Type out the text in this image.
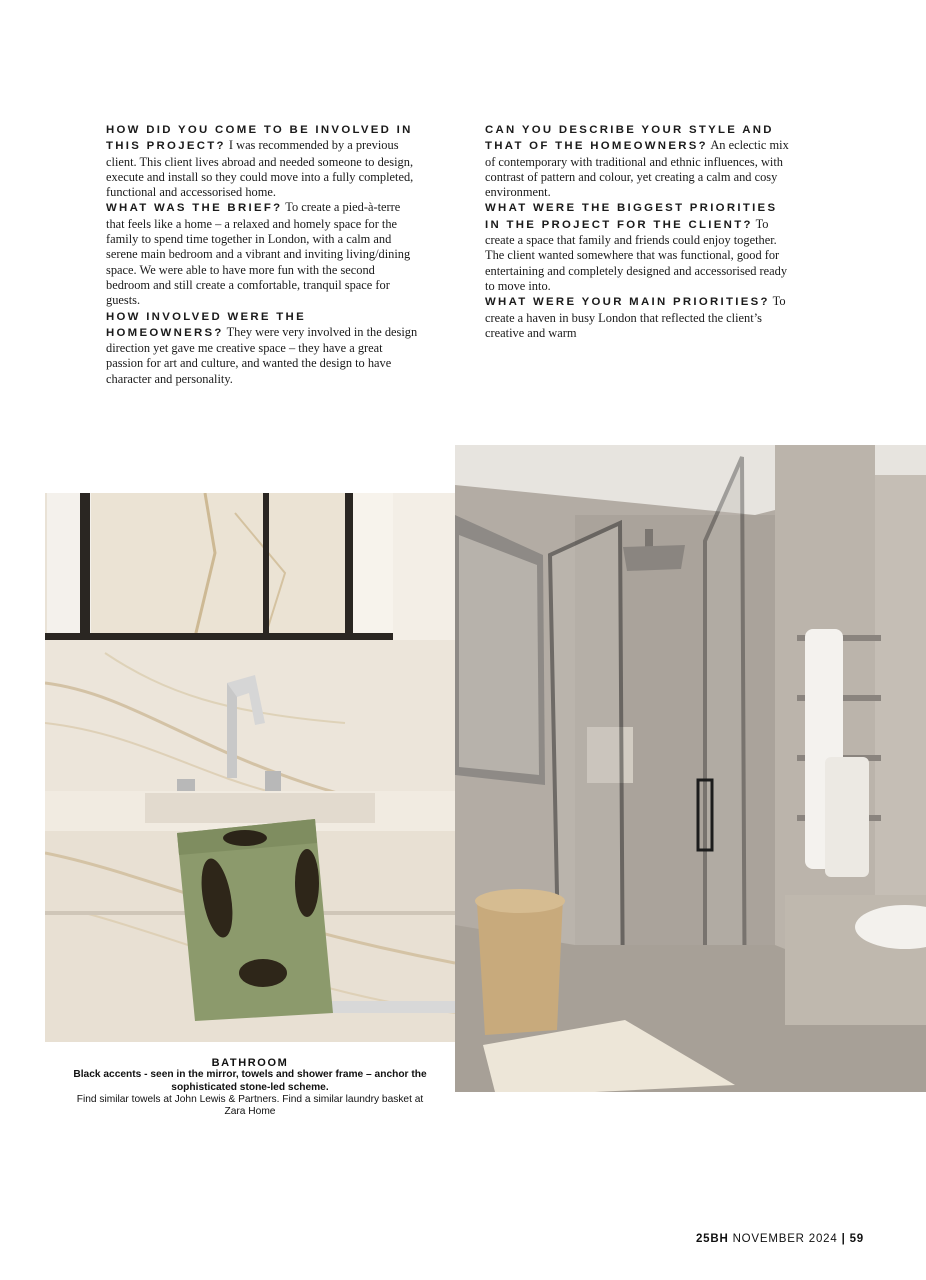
HOW DID YOU COME TO BE INVOLVED IN THIS PROJECT? I was recommended by a previous client. This client lives abroad and needed someone to design, execute and install so they could move into a fully completed, functional and accessorised home.

WHAT WAS THE BRIEF? To create a pied-à-terre that feels like a home – a relaxed and homely space for the family to spend time together in London, with a calm and serene main bedroom and a vibrant and inviting living/dining space. We were able to have more fun with the second bedroom and still create a comfortable, tranquil space for guests.

HOW INVOLVED WERE THE HOMEOWNERS? They were very involved in the design direction yet gave me creative space – they have a great passion for art and culture, and wanted the design to have character and personality.

CAN YOU DESCRIBE YOUR STYLE AND THAT OF THE HOMEOWNERS? An eclectic mix of contemporary with traditional and ethnic influences, with contrast of pattern and colour, yet creating a calm and cosy environment.

WHAT WERE THE BIGGEST PRIORITIES IN THE PROJECT FOR THE CLIENT? To create a space that family and friends could enjoy together. The client wanted somewhere that was functional, good for entertaining and completely designed and accessorised ready to move into.

WHAT WERE YOUR MAIN PRIORITIES? To create a haven in busy London that reflected the client’s creative and warm

BATHROOM
Black accents - seen in the mirror, towels and shower frame – anchor the sophisticated stone-led scheme.
Find similar towels at John Lewis & Partners. Find a similar laundry basket at Zara Home
25BH NOVEMBER 2024 | 59
